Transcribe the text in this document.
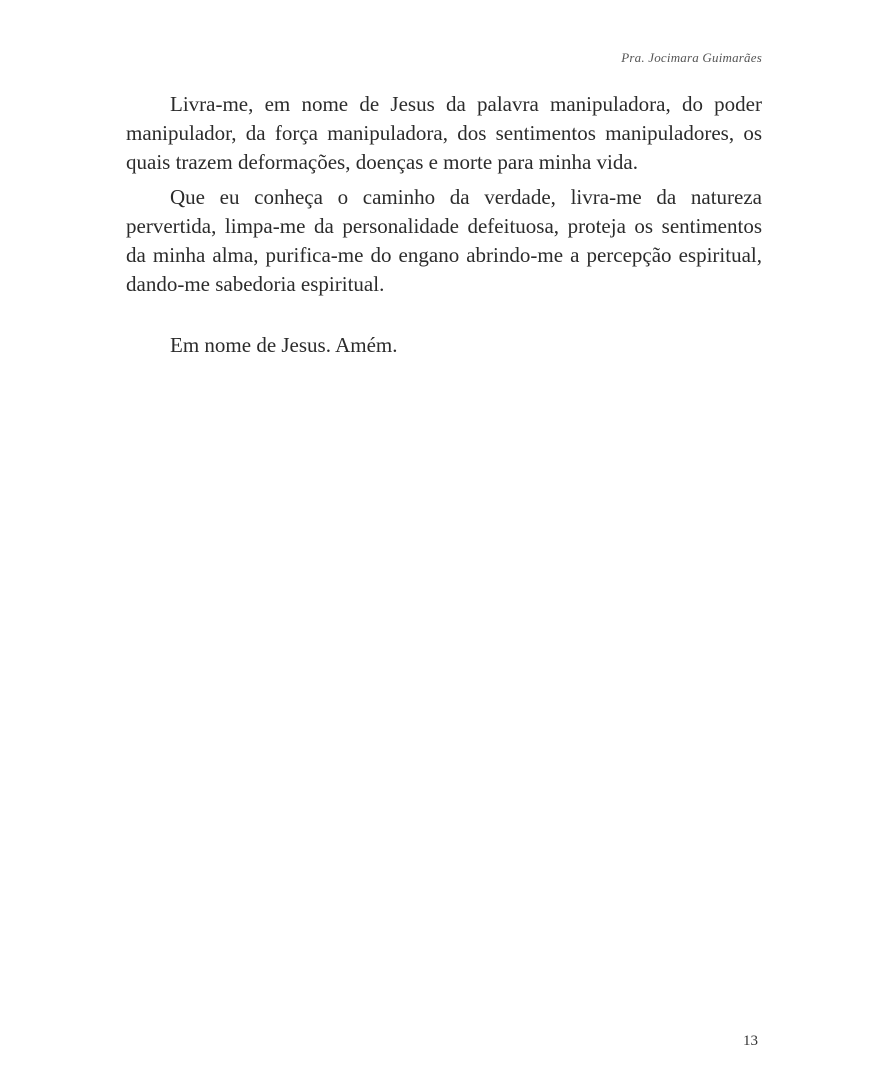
Pra. Jocimara Guimarães

Livra-me, em nome de Jesus da palavra manipuladora, do poder manipulador, da força manipuladora, dos sentimentos manipuladores, os quais trazem deformações, doenças e morte para minha vida.

Que eu conheça o caminho da verdade, livra-me da natureza pervertida, limpa-me da personalidade defeituosa, proteja os sentimentos da minha alma, purifica-me do engano abrindo-me a percepção espiritual, dando-me sabedoria espiritual.

Em nome de Jesus. Amém.

13
